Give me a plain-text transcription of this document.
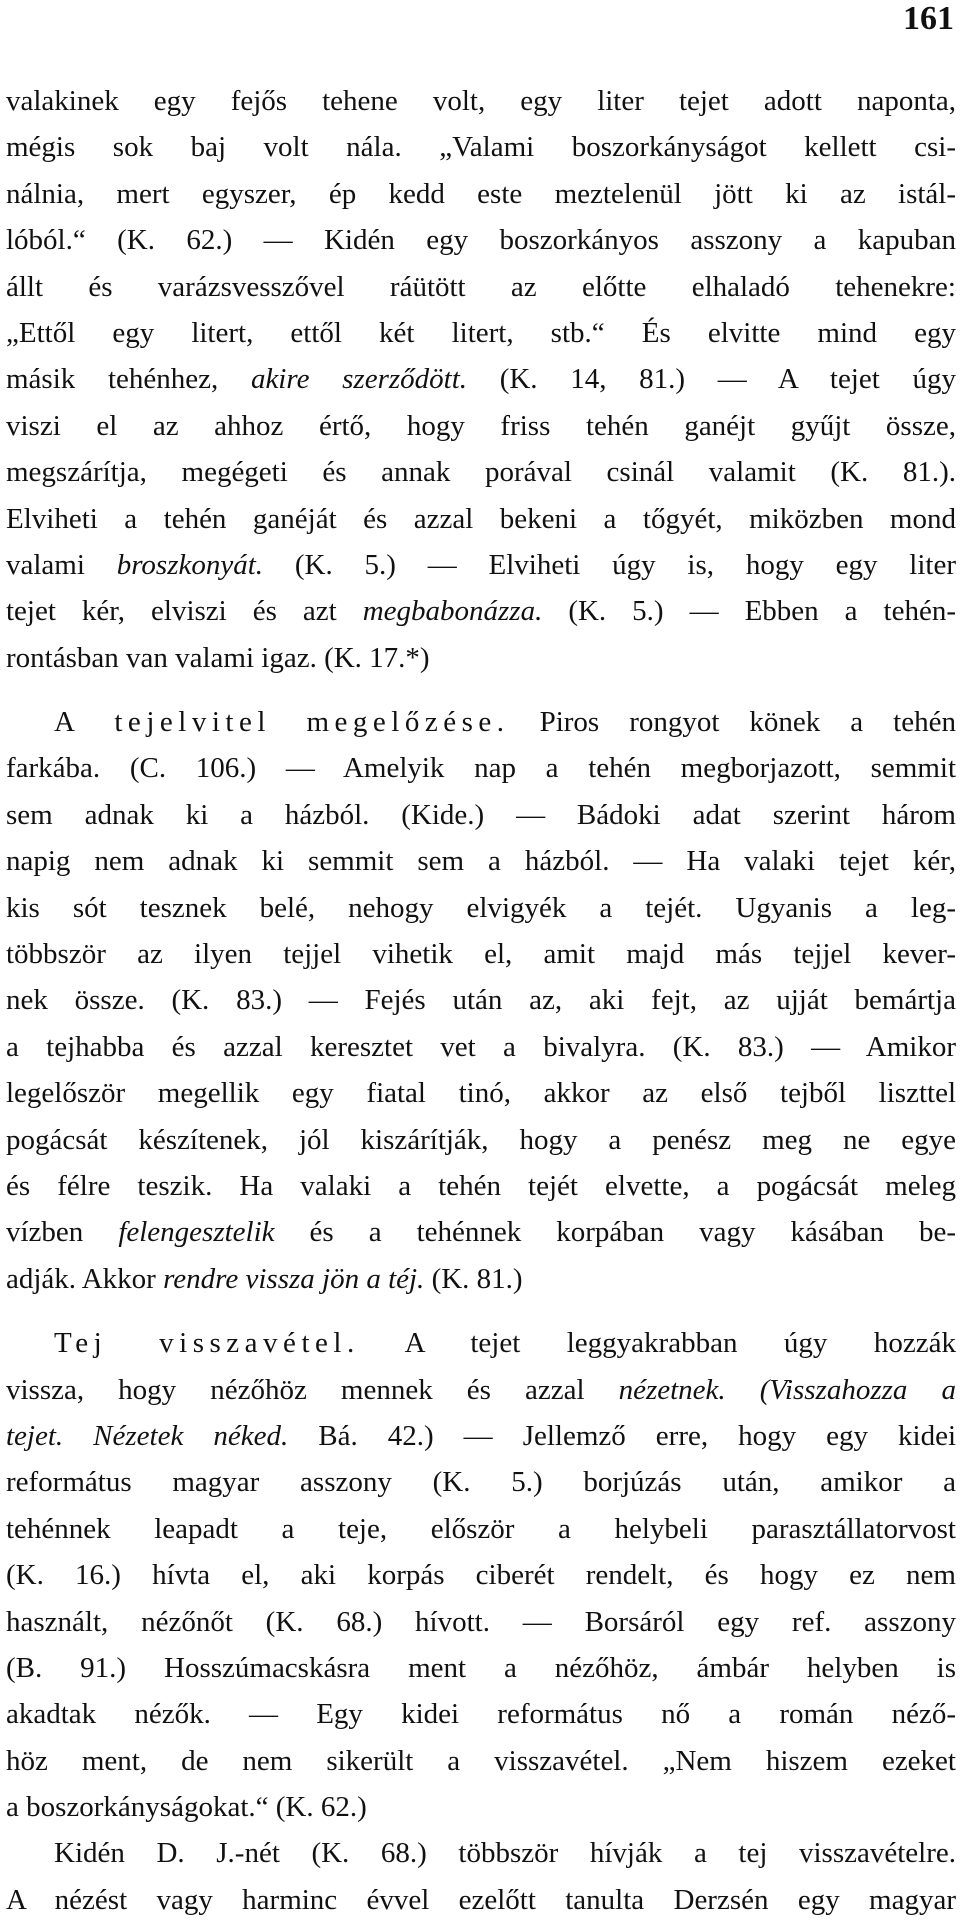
161
valakinek egy fejős tehene volt, egy liter tejet adott naponta,
mégis sok baj volt nála. „Valami boszorkányságot kellett csi-
nálnia, mert egyszer, ép kedd este meztelenül jött ki az istál-
lóból.“ (K. 62.) — Kidén egy boszorkányos asszony a kapuban
állt és varázsvesszővel ráütött az előtte elhaladó tehenekre:
„Ettől egy litert, ettől két litert, stb.“ És elvitte mind egy
másik tehénhez, akire szerződött. (K. 14, 81.) — A tejet úgy
viszi el az ahhoz értő, hogy friss tehén ganéjt gyűjt össze,
megszárítja, megégeti és annak porával csinál valamit (K. 81.).
Elviheti a tehén ganéját és azzal bekeni a tőgyét, miközben mond
valami broszkonyát. (K. 5.) — Elviheti úgy is, hogy egy liter
tejet kér, elviszi és azt megbabonázza. (K. 5.) — Ebben a tehén-
rontásban van valami igaz. (K. 17.*)
A tejelvitel megelőzése. Piros rongyot könek a tehén
farkába. (C. 106.) — Amelyik nap a tehén megborjazott, semmit
sem adnak ki a házból. (Kide.) — Bádoki adat szerint három
napig nem adnak ki semmit sem a házból. — Ha valaki tejet kér,
kis sót tesznek belé, nehogy elvigyék a tejét. Ugyanis a leg-
többször az ilyen tejjel vihetik el, amit majd más tejjel kever-
nek össze. (K. 83.) — Fejés után az, aki fejt, az ujját bemártja
a tejhabba és azzal keresztet vet a bivalyra. (K. 83.) — Amikor
legelőször megellik egy fiatal tinó, akkor az első tejből liszttel
pogácsát készítenek, jól kiszárítják, hogy a penész meg ne egye
és félre teszik. Ha valaki a tehén tejét elvette, a pogácsát meleg
vízben felengesztelik és a tehénnek korpában vagy kásában be-
adják. Akkor rendre vissza jön a téj. (K. 81.)
Tej visszavétel. A tejet leggyakrabban úgy hozzák
vissza, hogy nézőhöz mennek és azzal nézetnek. (Visszahozza a
tejet. Nézetek néked. Bá. 42.) — Jellemző erre, hogy egy kidei
református magyar asszony (K. 5.) borjúzás után, amikor a
tehénnek leapadt a teje, először a helybeli parasztállatorvost
(K. 16.) hívta el, aki korpás ciberét rendelt, és hogy ez nem
használt, nézőnőt (K. 68.) hívott. — Borsáról egy ref. asszony
(B. 91.) Hosszúmacskásra ment a nézőhöz, ámbár helyben is
akadtak nézők. — Egy kidei református nő a román néző-
höz ment, de nem sikerült a visszavétel. „Nem hiszem ezeket
a boszorkányságokat.“ (K. 62.)
Kidén D. J.-nét (K. 68.) többször hívják a tej visszavételre.
A nézést vagy harminc évvel ezelőtt tanulta Derzsén egy magyar
